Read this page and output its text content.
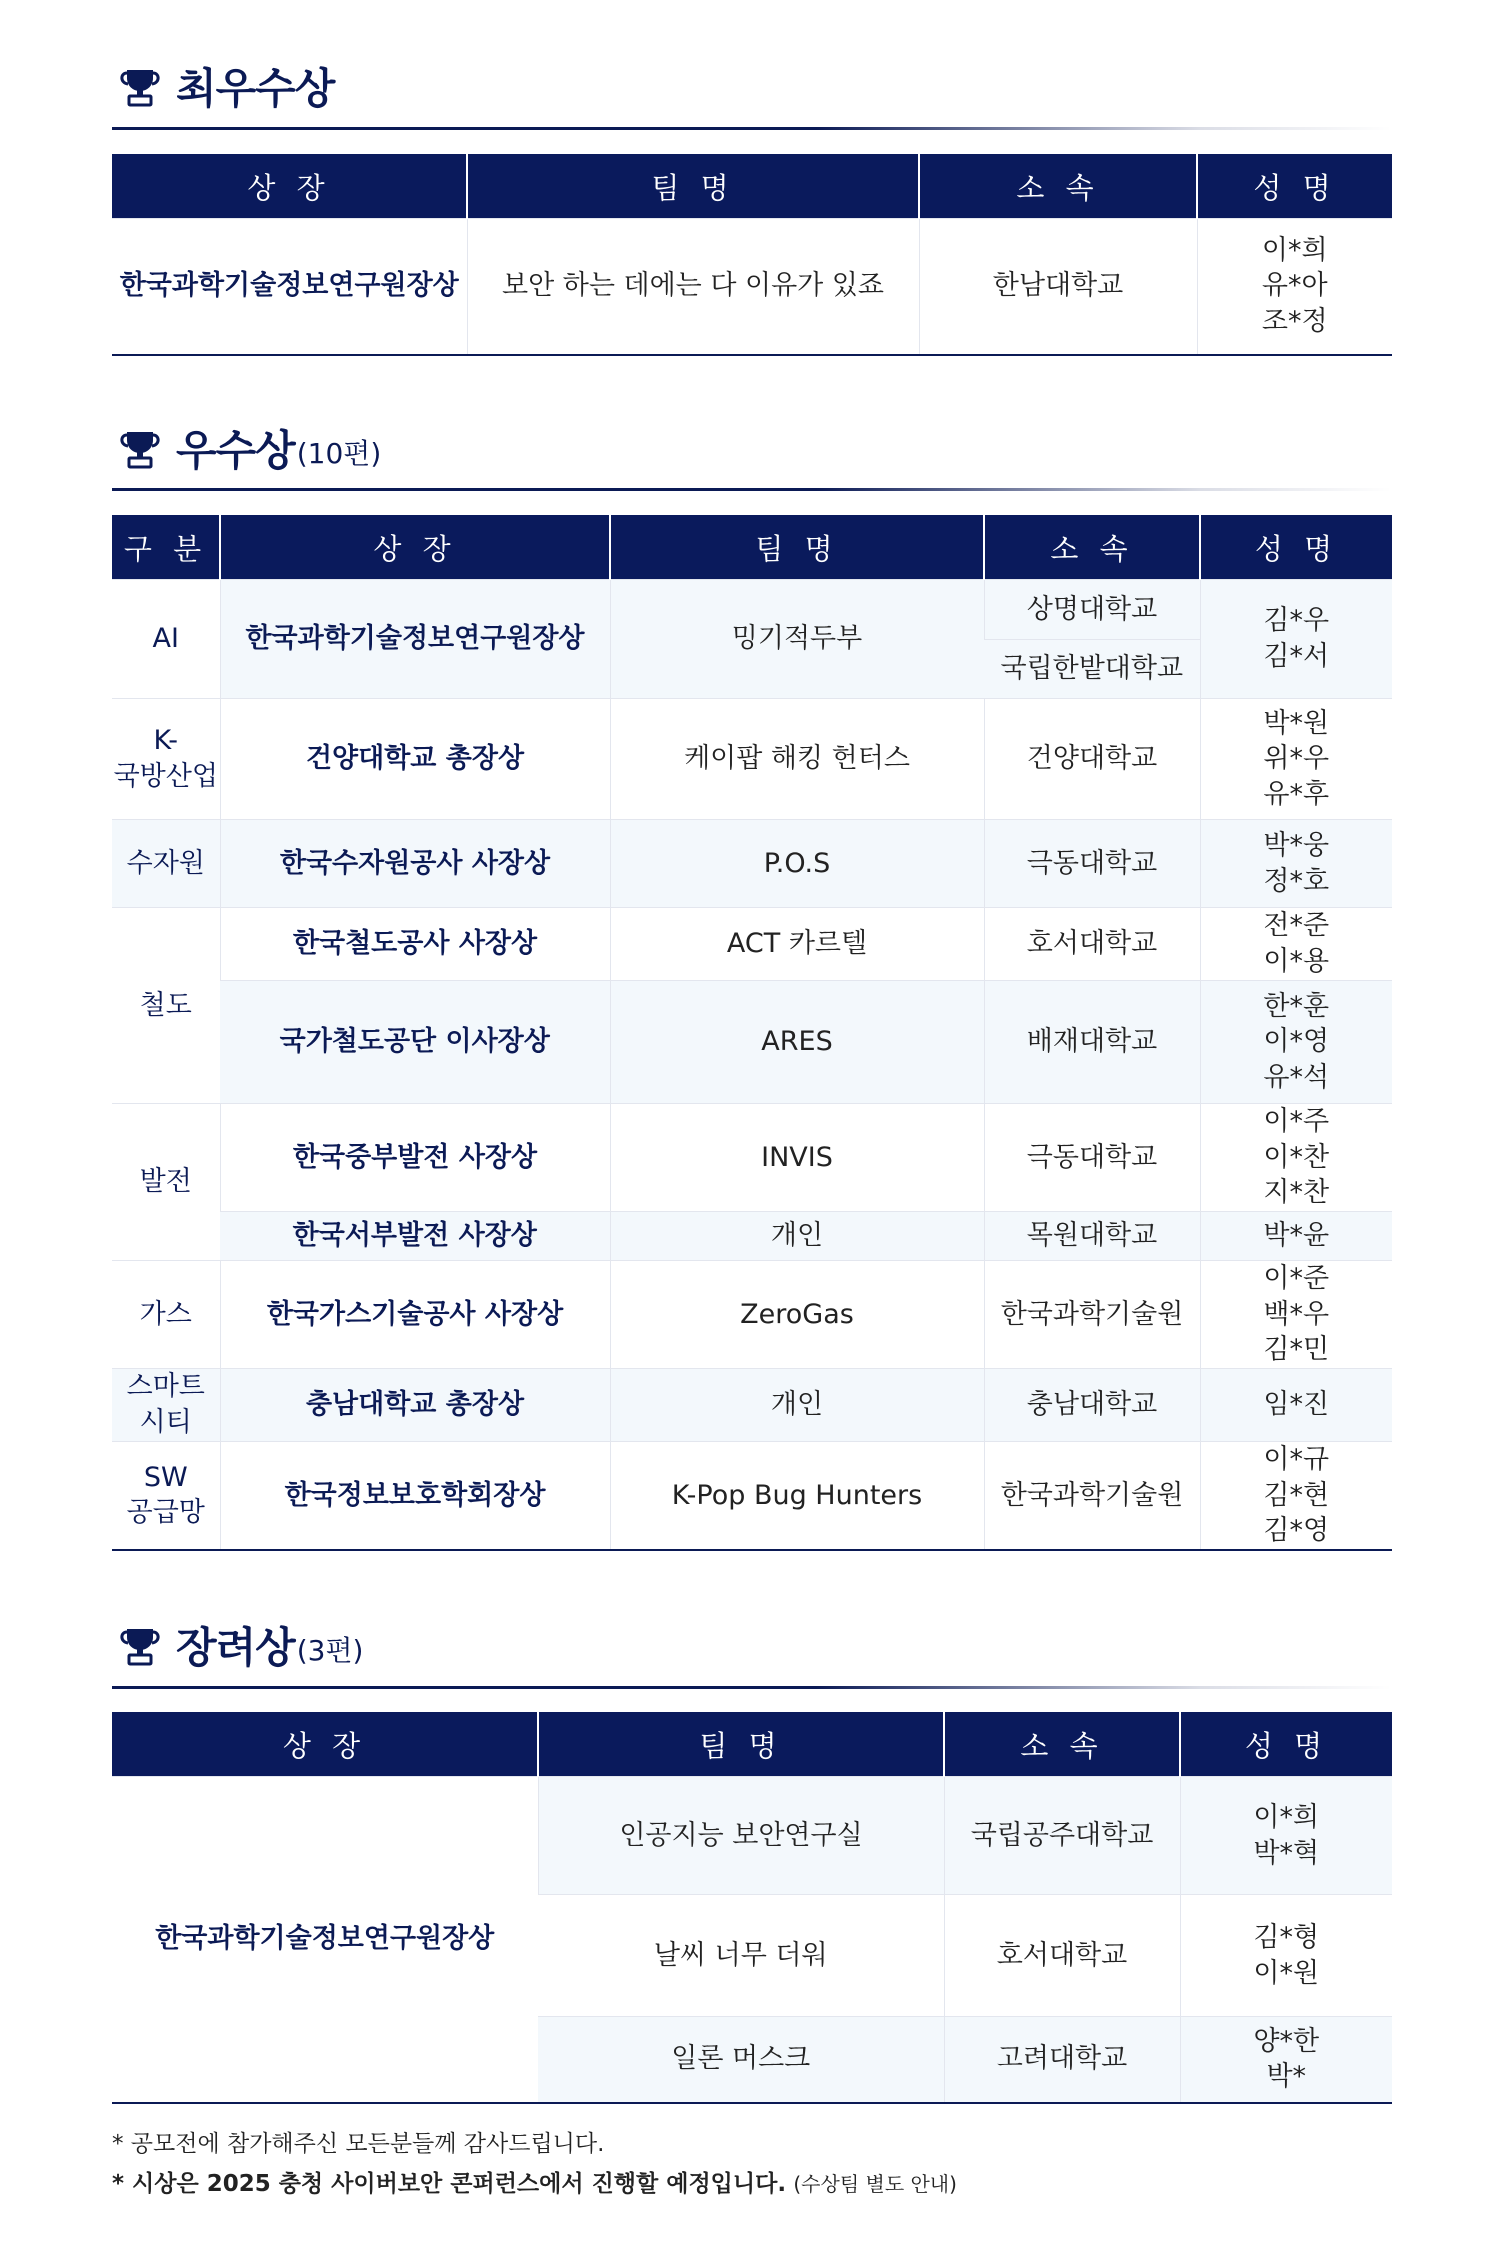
최우수상
상 장	팀 명	소 속	성 명
한국과학기술정보연구원장상	보안 하는 데에는 다 이유가 있죠	한남대학교	이*희
유*아
조*정
우수상 (10편)
구 분	상 장	팀 명	소 속	성 명
AI	한국과학기술정보연구원장상	밍기적두부	상명대학교	김*우
김*서

			국립한밭대학교	
K-
국방산업	건양대학교 총장상	케이팝 해킹 헌터스	건양대학교	박*원
위*우
유*후

수자원	한국수자원공사 사장상	P.O.S	극동대학교	박*웅
정*호

철도	한국철도공사 사장상	ACT 카르텔	호서대학교	전*준
이*용

	국가철도공단 이사장상	ARES	배재대학교	한*훈
이*영
유*석

발전	한국중부발전 사장상	INVIS	극동대학교	이*주
이*찬
지*찬

	한국서부발전 사장상	개인	목원대학교	박*윤

가스	한국가스기술공사 사장상	ZeroGas	한국과학기술원	이*준
백*우
김*민

스마트
시티	충남대학교 총장상	개인	충남대학교	임*진

SW
공급망	한국정보보호학회장상	K-Pop Bug Hunters	한국과학기술원	이*규
김*현
김*영
장려상 (3편)
상 장	팀 명	소 속	성 명
한국과학기술정보연구원장상	인공지능 보안연구실	국립공주대학교	이*희
박*혁

	날씨 너무 더워	호서대학교	김*형
이*원

	일론 머스크	고려대학교	양*한
박*
* 공모전에 참가해주신 모든분들께 감사드립니다.
* 시상은 2025 충청 사이버보안 콘퍼런스에서 진행할 예정입니다. (수상팀 별도 안내)
